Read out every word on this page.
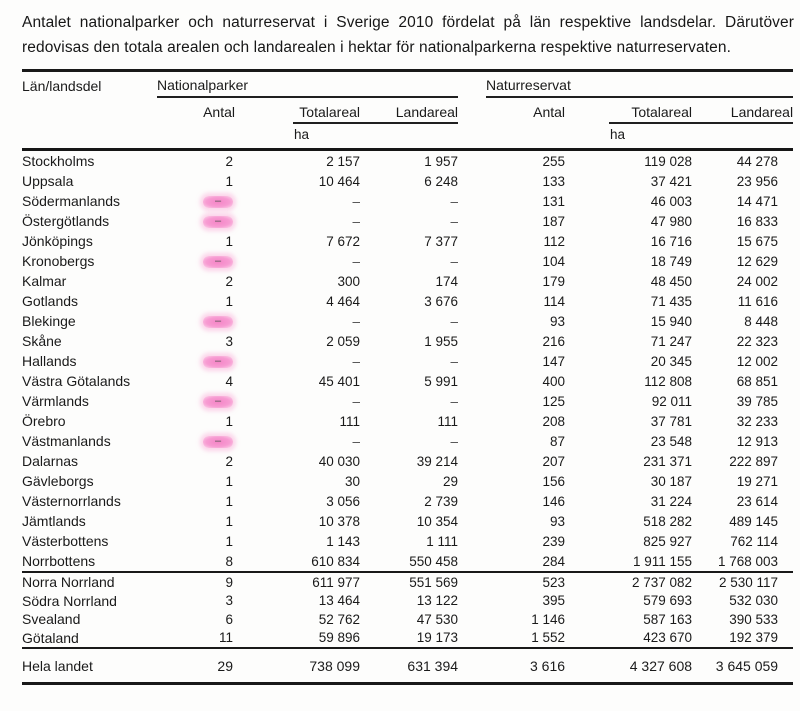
Antalet nationalparker och naturreservat i Sverige 2010 fördelat på län respektive landsdelar. Därutöver redovisas den totala arealen och landarealen i hektar för nationalparkerna respektive naturreservaten.

Län/landsdel	Nationalparker			Naturreservat		

	Antal	Totalareal	Landareal	Antal	Totalareal	Landareal

		ha			ha	

Stockholms	2	2 157	1 957	255	119 028	44 278
Uppsala	1	10 464	6 248	133	37 421	23 956
Södermanlands	–	–	–	131	46 003	14 471
Östergötlands	–	–	–	187	47 980	16 833
Jönköpings	1	7 672	7 377	112	16 716	15 675
Kronobergs	–	–	–	104	18 749	12 629
Kalmar	2	300	174	179	48 450	24 002
Gotlands	1	4 464	3 676	114	71 435	11 616
Blekinge	–	–	–	93	15 940	8 448
Skåne	3	2 059	1 955	216	71 247	22 323
Hallands	–	–	–	147	20 345	12 002
Västra Götalands	4	45 401	5 991	400	112 808	68 851
Värmlands	–	–	–	125	92 011	39 785
Örebro	1	111	111	208	37 781	32 233
Västmanlands	–	–	–	87	23 548	12 913
Dalarnas	2	40 030	39 214	207	231 371	222 897
Gävleborgs	1	30	29	156	30 187	19 271
Västernorrlands	1	3 056	2 739	146	31 224	23 614
Jämtlands	1	10 378	10 354	93	518 282	489 145
Västerbottens	1	1 143	1 111	239	825 927	762 114
Norrbottens	8	610 834	550 458	284	1 911 155	1 768 003
Norra Norrland	9	611 977	551 569	523	2 737 082	2 530 117
Södra Norrland	3	13 464	13 122	395	579 693	532 030
Svealand	6	52 762	47 530	1 146	587 163	390 533
Götaland	11	59 896	19 173	1 552	423 670	192 379
Hela landet	29	738 099	631 394	3 616	4 327 608	3 645 059
